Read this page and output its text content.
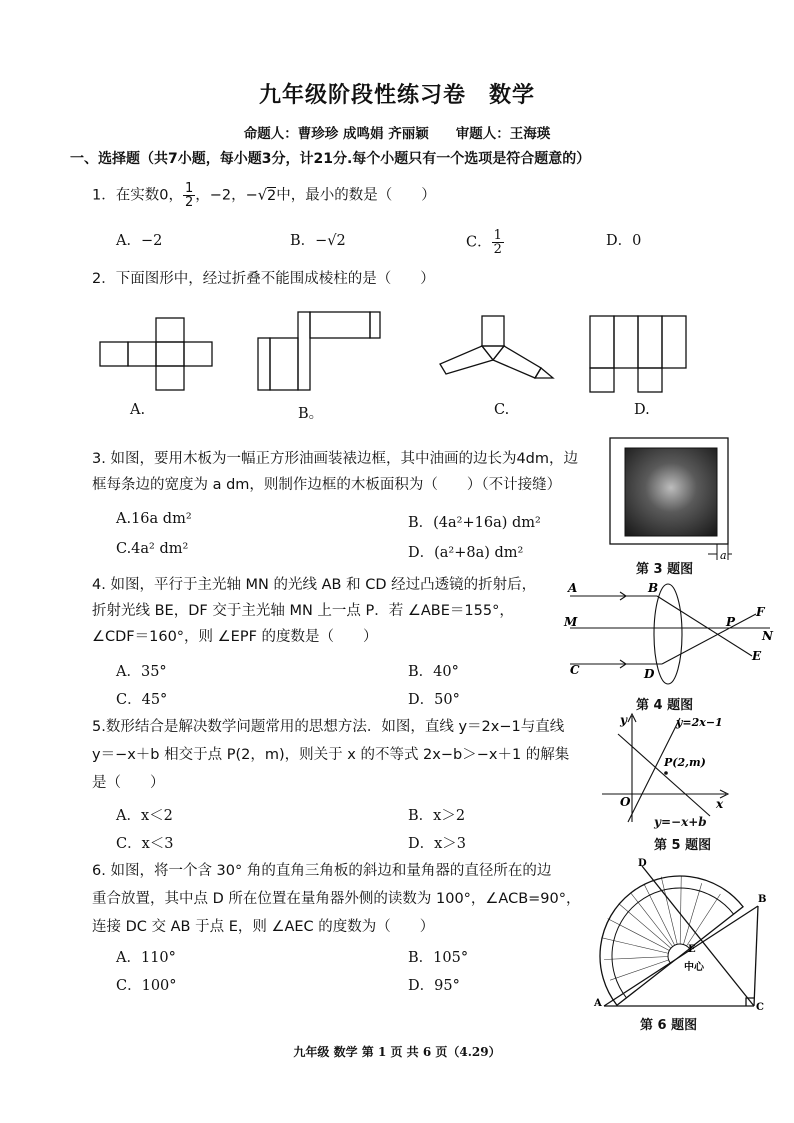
九年级阶段性练习卷　数学
命题人：曹珍珍 成鸣娟 齐丽颖　　审题人：王海瑛
一、选择题（共7小题，每小题3分，计21分.每个小题只有一个选项是符合题意的）
1．在实数0， $\frac{1}{2}$ ，−2，−√2中，最小的数是（　　）
A．−2	B．−√2	C． $\frac{1}{2}$	D．0
2．下面图形中，经过折叠不能围成棱柱的是（　　）
A.	B。	C.	D.
3. 如图，要用木板为一幅正方形油画装裱边框，其中油画的边长为4dm，边
框每条边的宽度为 a dm，则制作边框的木板面积为（　　）（不计接缝）
A.16a dm²	B．(4a²+16a) dm²
C.4a² dm²	D．(a²+8a) dm²	a
第 3 题图
4. 如图，平行于主光轴 MN 的光线 AB 和 CD 经过凸透镜的折射后，
折射光线 BE，DF 交于主光轴 MN 上一点 P．若 ∠ABE＝155°，
∠CDF＝160°，则 ∠EPF 的度数是（　　）
A．35°	B．40°
C．45°	D．50°
A	B
M
C	D
P
F
N
E
第 4 题图
5.数形结合是解决数学问题常用的思想方法．如图，直线 y＝2x−1与直线
y＝−x＋b 相交于点 P(2，m)，则关于 x 的不等式 2x−b＞−x＋1 的解集
是（　　）
A．x＜2	B．x＞2
C．x＜3	D．x＞3
y	y=2x−1
P(2,m)
O	x
y=−x+b
第 5 题图
6. 如图，将一个含 30° 角的直角三角板的斜边和量角器的直径所在的边
重合放置，其中点 D 所在位置在量角器外侧的读数为 100°，∠ACB=90°，
连接 DC 交 AB 于点 E，则 ∠AEC 的度数为（　　）
A．110°	B．105°
C．100°	D．95°
D
B
E
中心
A	C
第 6 题图
九年级 数学 第 1 页 共 6 页（4.29）
